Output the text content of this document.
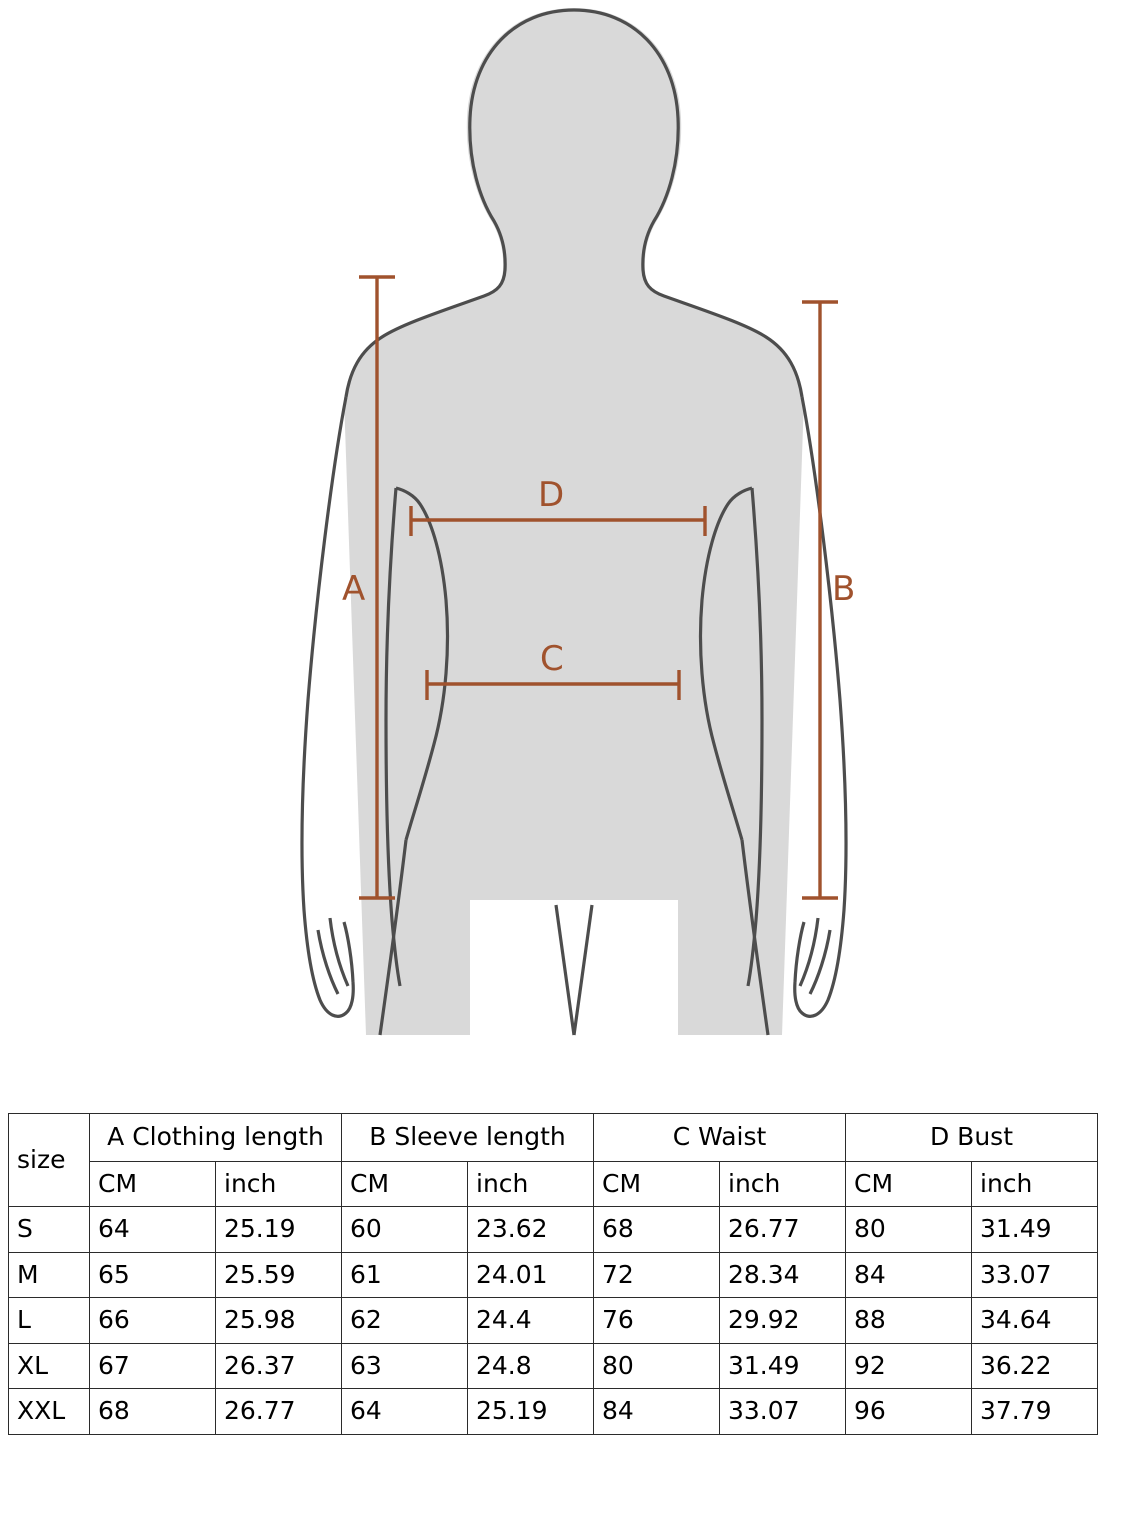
A	B
C
D
size	A Clothing length		B Sleeve length		C Waist		D Bust	
	CM	inch	CM	inch	CM	inch	CM	inch
S	64	25.19	60	23.62	68	26.77	80	31.49
M	65	25.59	61	24.01	72	28.34	84	33.07
L	66	25.98	62	24.4	76	29.92	88	34.64
XL	67	26.37	63	24.8	80	31.49	92	36.22
XXL	68	26.77	64	25.19	84	33.07	96	37.79
